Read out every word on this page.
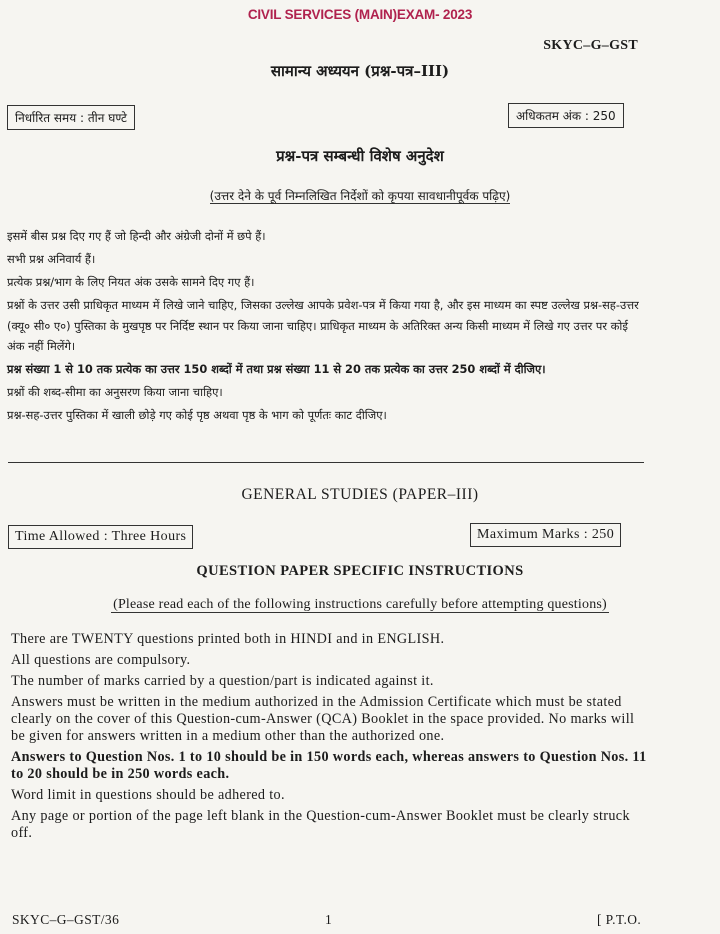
CIVIL SERVICES (MAIN)EXAM- 2023
SKYC–G–GST
सामान्य अध्ययन (प्रश्न-पत्र–III)
निर्धारित समय : तीन घण्टे	अधिकतम अंक : 250
प्रश्न-पत्र सम्बन्धी विशेष अनुदेश
(उत्तर देने के पूर्व निम्नलिखित निर्देशों को कृपया सावधानीपूर्वक पढ़िए)

इसमें बीस प्रश्न दिए गए हैं जो हिन्दी और अंग्रेजी दोनों में छपे हैं।

सभी प्रश्न अनिवार्य हैं।

प्रत्येक प्रश्न/भाग के लिए नियत अंक उसके सामने दिए गए हैं।

प्रश्नों के उत्तर उसी प्राधिकृत माध्यम में लिखे जाने चाहिए, जिसका उल्लेख आपके प्रवेश-पत्र में किया गया है, और इस माध्यम का स्पष्ट उल्लेख प्रश्न-सह-उत्तर (क्यू० सी० ए०) पुस्तिका के मुखपृष्ठ पर निर्दिष्ट स्थान पर किया जाना चाहिए। प्राधिकृत माध्यम के अतिरिक्त अन्य किसी माध्यम में लिखे गए उत्तर पर कोई अंक नहीं मिलेंगे।

प्रश्न संख्या 1 से 10 तक प्रत्येक का उत्तर 150 शब्दों में तथा प्रश्न संख्या 11 से 20 तक प्रत्येक का उत्तर 250 शब्दों में दीजिए।

प्रश्नों की शब्द-सीमा का अनुसरण किया जाना चाहिए।

प्रश्न-सह-उत्तर पुस्तिका में खाली छोड़े गए कोई पृष्ठ अथवा पृष्ठ के भाग को पूर्णतः काट दीजिए।

GENERAL STUDIES (PAPER–III)
Time Allowed : Three Hours	Maximum Marks : 250
QUESTION PAPER SPECIFIC INSTRUCTIONS
(Please read each of the following instructions carefully before attempting questions)

There are TWENTY questions printed both in HINDI and in ENGLISH.

All questions are compulsory.

The number of marks carried by a question/part is indicated against it.

Answers must be written in the medium authorized in the Admission Certificate which must be stated clearly on the cover of this Question-cum-Answer (QCA) Booklet in the space provided. No marks will be given for answers written in a medium other than the authorized one.

Answers to Question Nos. 1 to 10 should be in 150 words each, whereas answers to Question Nos. 11 to 20 should be in 250 words each.

Word limit in questions should be adhered to.

Any page or portion of the page left blank in the Question-cum-Answer Booklet must be clearly struck off.

SKYC–G–GST/36	1	[ P.T.O.
